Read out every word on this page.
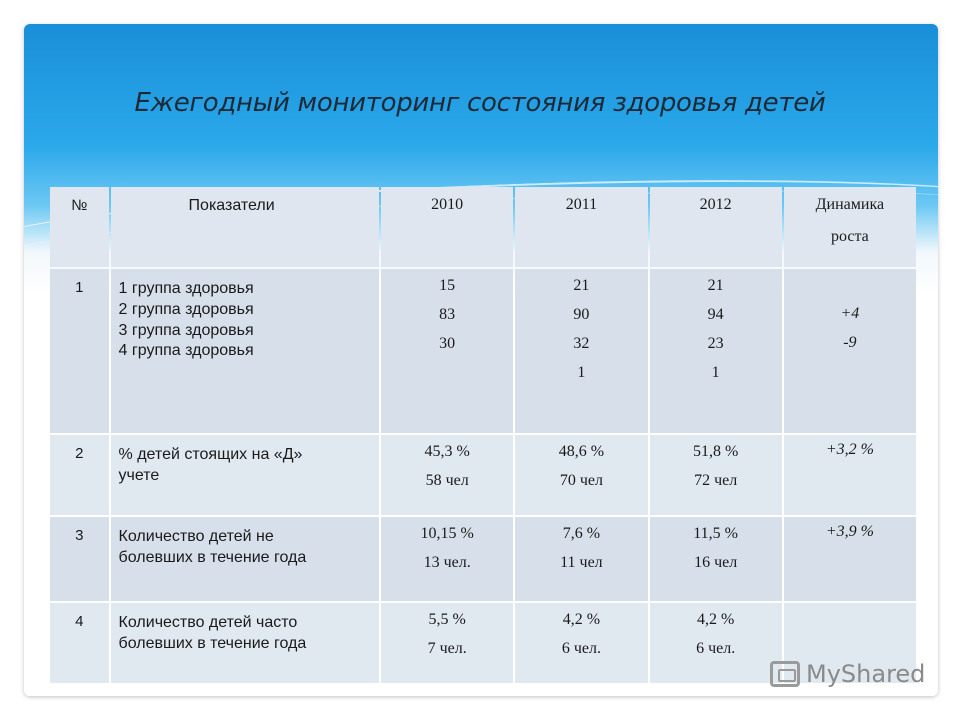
Ежегодный мониторинг состояния здоровья детей
№	Показатели	2010	2011	2012	Динамика
роста

1	1 группа здоровья
2 группа здоровья
3 группа здоровья
4 группа здоровья	15
83
30	21
90
32
1	21
94
23
1	+4
-9

2	% детей стоящих на «Д»
учете	45,3 %
58 чел	48,6 %
70 чел	51,8 %
72 чел	+3,2 %

3	Количество детей не
болевших в течение года	10,15 %
13 чел.	7,6 %
11 чел	11,5 %
16 чел	+3,9 %

4	Количество детей часто
болевших в течение года	5,5 %
7 чел.	4,2 %
6 чел.	4,2 %
6 чел.	

MyShared
